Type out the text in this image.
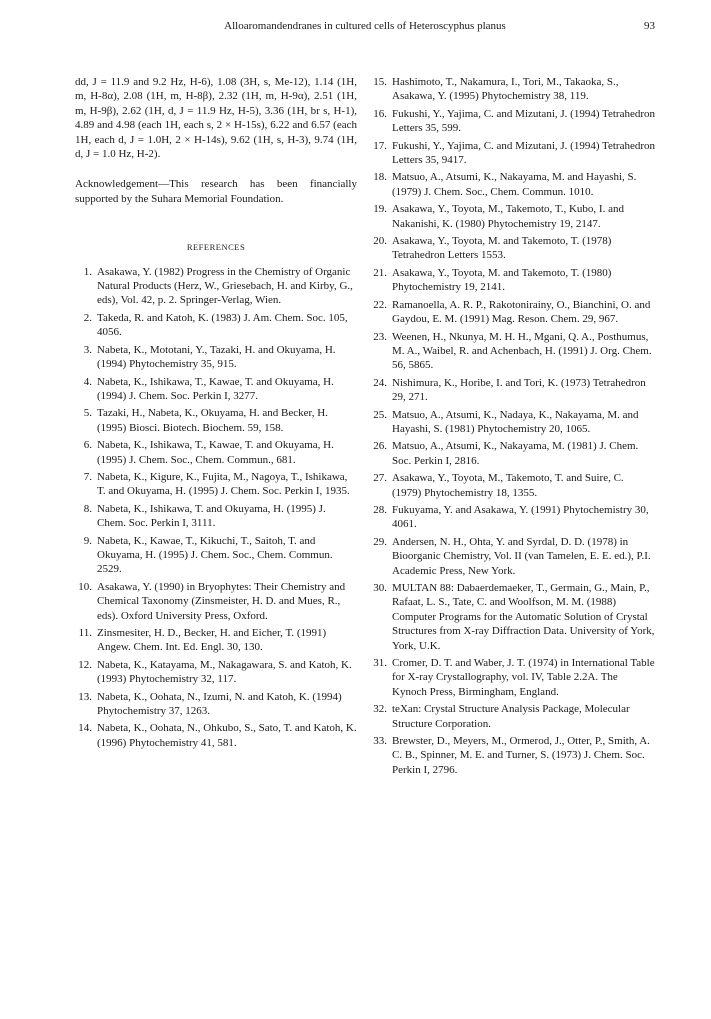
Alloaromandendranes in cultured cells of Heteroscyphus planus	93

dd, J = 11.9 and 9.2 Hz, H-6), 1.08 (3H, s, Me-12), 1.14 (1H, m, H-8α), 2.08 (1H, m, H-8β), 2.32 (1H, m, H-9α), 2.51 (1H, m, H-9β), 2.62 (1H, d, J = 11.9 Hz, H-5), 3.36 (1H, br s, H-1), 4.89 and 4.98 (each 1H, each s, 2 × H-15s), 6.22 and 6.57 (each 1H, each d, J = 1.0H, 2 × H-14s), 9.62 (1H, s, H-3), 9.74 (1H, d, J = 1.0 Hz, H-2).

Acknowledgement—This research has been financially supported by the Suhara Memorial Foundation.

REFERENCES
1. Asakawa, Y. (1982) Progress in the Chemistry of Organic Natural Products (Herz, W., Griesebach, H. and Kirby, G., eds), Vol. 42, p. 2. Springer-Verlag, Wien.
2. Takeda, R. and Katoh, K. (1983) J. Am. Chem. Soc. 105, 4056.
3. Nabeta, K., Mototani, Y., Tazaki, H. and Okuyama, H. (1994) Phytochemistry 35, 915.
4. Nabeta, K., Ishikawa, T., Kawae, T. and Okuyama, H. (1994) J. Chem. Soc. Perkin I, 3277.
5. Tazaki, H., Nabeta, K., Okuyama, H. and Becker, H. (1995) Biosci. Biotech. Biochem. 59, 158.
6. Nabeta, K., Ishikawa, T., Kawae, T. and Okuyama, H. (1995) J. Chem. Soc., Chem. Commun., 681.
7. Nabeta, K., Kigure, K., Fujita, M., Nagoya, T., Ishikawa, T. and Okuyama, H. (1995) J. Chem. Soc. Perkin I, 1935.
8. Nabeta, K., Ishikawa, T. and Okuyama, H. (1995) J. Chem. Soc. Perkin I, 3111.
9. Nabeta, K., Kawae, T., Kikuchi, T., Saitoh, T. and Okuyama, H. (1995) J. Chem. Soc., Chem. Commun. 2529.
10. Asakawa, Y. (1990) in Bryophytes: Their Chemistry and Chemical Taxonomy (Zinsmeister, H. D. and Mues, R., eds). Oxford University Press, Oxford.
11. Zinsmesiter, H. D., Becker, H. and Eicher, T. (1991) Angew. Chem. Int. Ed. Engl. 30, 130.
12. Nabeta, K., Katayama, M., Nakagawara, S. and Katoh, K. (1993) Phytochemistry 32, 117.
13. Nabeta, K., Oohata, N., Izumi, N. and Katoh, K. (1994) Phytochemistry 37, 1263.
14. Nabeta, K., Oohata, N., Ohkubo, S., Sato, T. and Katoh, K. (1996) Phytochemistry 41, 581.
15. Hashimoto, T., Nakamura, I., Tori, M., Takaoka, S., Asakawa, Y. (1995) Phytochemistry 38, 119.
16. Fukushi, Y., Yajima, C. and Mizutani, J. (1994) Tetrahedron Letters 35, 599.
17. Fukushi, Y., Yajima, C. and Mizutani, J. (1994) Tetrahedron Letters 35, 9417.
18. Matsuo, A., Atsumi, K., Nakayama, M. and Hayashi, S. (1979) J. Chem. Soc., Chem. Commun. 1010.
19. Asakawa, Y., Toyota, M., Takemoto, T., Kubo, I. and Nakanishi, K. (1980) Phytochemistry 19, 2147.
20. Asakawa, Y., Toyota, M. and Takemoto, T. (1978) Tetrahedron Letters 1553.
21. Asakawa, Y., Toyota, M. and Takemoto, T. (1980) Phytochemistry 19, 2141.
22. Ramanoella, A. R. P., Rakotonirainy, O., Bianchini, O. and Gaydou, E. M. (1991) Mag. Reson. Chem. 29, 967.
23. Weenen, H., Nkunya, M. H. H., Mgani, Q. A., Posthumus, M. A., Waibel, R. and Achenbach, H. (1991) J. Org. Chem. 56, 5865.
24. Nishimura, K., Horibe, I. and Tori, K. (1973) Tetrahedron 29, 271.
25. Matsuo, A., Atsumi, K., Nadaya, K., Nakayama, M. and Hayashi, S. (1981) Phytochemistry 20, 1065.
26. Matsuo, A., Atsumi, K., Nakayama, M. (1981) J. Chem. Soc. Perkin I, 2816.
27. Asakawa, Y., Toyota, M., Takemoto, T. and Suire, C. (1979) Phytochemistry 18, 1355.
28. Fukuyama, Y. and Asakawa, Y. (1991) Phytochemistry 30, 4061.
29. Andersen, N. H., Ohta, Y. and Syrdal, D. D. (1978) in Bioorganic Chemistry, Vol. II (van Tamelen, E. E. ed.), P.I. Academic Press, New York.
30. MULTAN 88: Dabaerdemaeker, T., Germain, G., Main, P., Rafaat, L. S., Tate, C. and Woolfson, M. M. (1988) Computer Programs for the Automatic Solution of Crystal Structures from X-ray Diffraction Data. University of York, York, U.K.
31. Cromer, D. T. and Waber, J. T. (1974) in International Table for X-ray Crystallography, vol. IV, Table 2.2A. The Kynoch Press, Birmingham, England.
32. teXan: Crystal Structure Analysis Package, Molecular Structure Corporation.
33. Brewster, D., Meyers, M., Ormerod, J., Otter, P., Smith, A. C. B., Spinner, M. E. and Turner, S. (1973) J. Chem. Soc. Perkin I, 2796.
